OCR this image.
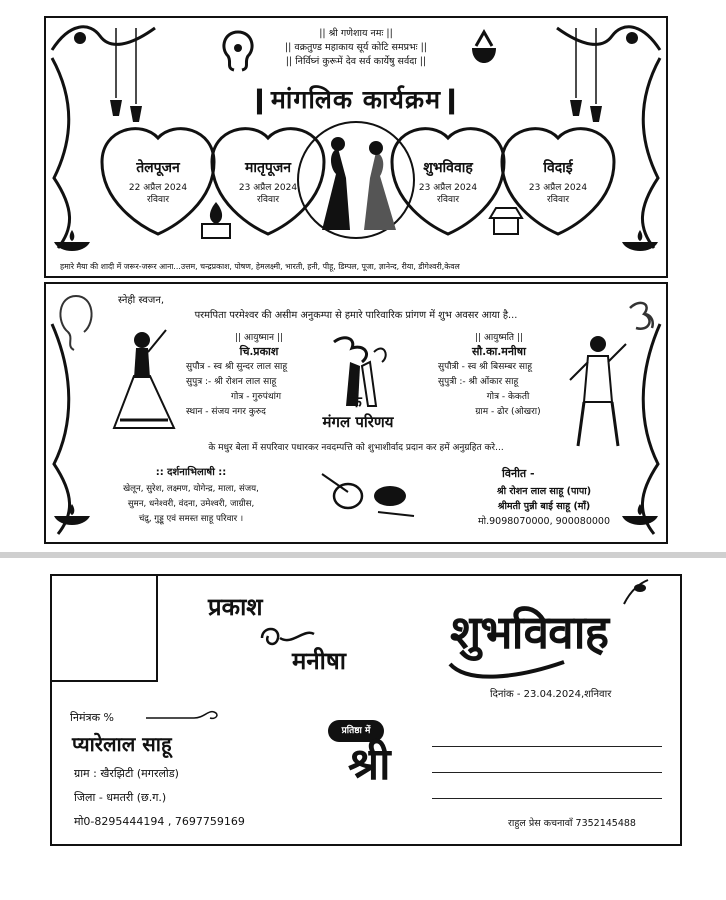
|| श्री गणेशाय नमः ||
|| वक्रतुण्ड महाकाय सूर्य कोटि समप्रभः ||
|| निर्विघ्नं कुरूमें देव सर्व कार्येषु सर्वदा ||
❙मांगलिक कार्यक्रम❙
तेलपूजन
22 अप्रैल 2024
रविवार
मातृपूजन
23 अप्रैल 2024
रविवार
शुभविवाह
23 अप्रैल 2024
रविवार
विदाई
23 अप्रैल 2024
रविवार
हमारे मैया की शादी में जरूर-जरूर आना...उत्तम, चन्द्रप्रकाश, पोषण, हेमलक्ष्मी, भारती, हनी, पीहू, डिम्पल, पूजा, ज्ञानेन्द, रीया, डीगेश्वरी,केवल
स्नेही स्वजन,
परमपिता परमेश्वर की असीम अनुकम्पा से हमारे पारिवारिक प्रांगण में शुभ अवसर आया है...
|| आयुष्मान ||
चि.प्रकाश
सुपौत्र - स्व श्री सुन्दर लाल साहू
सुपुत्र :- श्री रोशन लाल साहू
गोत्र - गुरुपंथांग
स्थान - संजय नगर कुरुद
के
मंगल परिणय
|| आयुष्मति ||
सौ.का.मनीषा
सुपौत्री - स्व श्री बिसम्बर साहू
सुपुत्री :- श्री ओंकार साहू
गोत्र - केकती
ग्राम - ढोर (ओखरा)
के मधुर बेला में सपरिवार पधारकर नवदम्पत्ति को शुभाशीर्वाद प्रदान कर हमें अनुग्रहित करे...
:: दर्शनाभिलाषी ::
खेलून, सुरेश, लक्ष्मण, योगेन्द्र, माला, संजय,
सुमन, धनेश्वरी, वंदना, उमेश्वरी, जाग्रीस,
चंद्रु, गुड्डू एवं समस्त साहू परिवार ।
विनीत -
श्री रोशन लाल साहू (पापा)
श्रीमती पुन्नी बाई साहू (माँ)
मो.9098070000, 900080000
प्रकाश
मनीषा
शुभविवाह
दिनांक - 23.04.2024,शनिवार
निमंत्रक %
प्यारेलाल साहू
ग्राम : खैरझिटी (मगरलोड)
जिला - धमतरी (छ.ग.)
मो0-8295444194 , 7697759169
प्रतिष्ठा में
श्री
राहुल प्रेस कचनावाँ 7352145488
